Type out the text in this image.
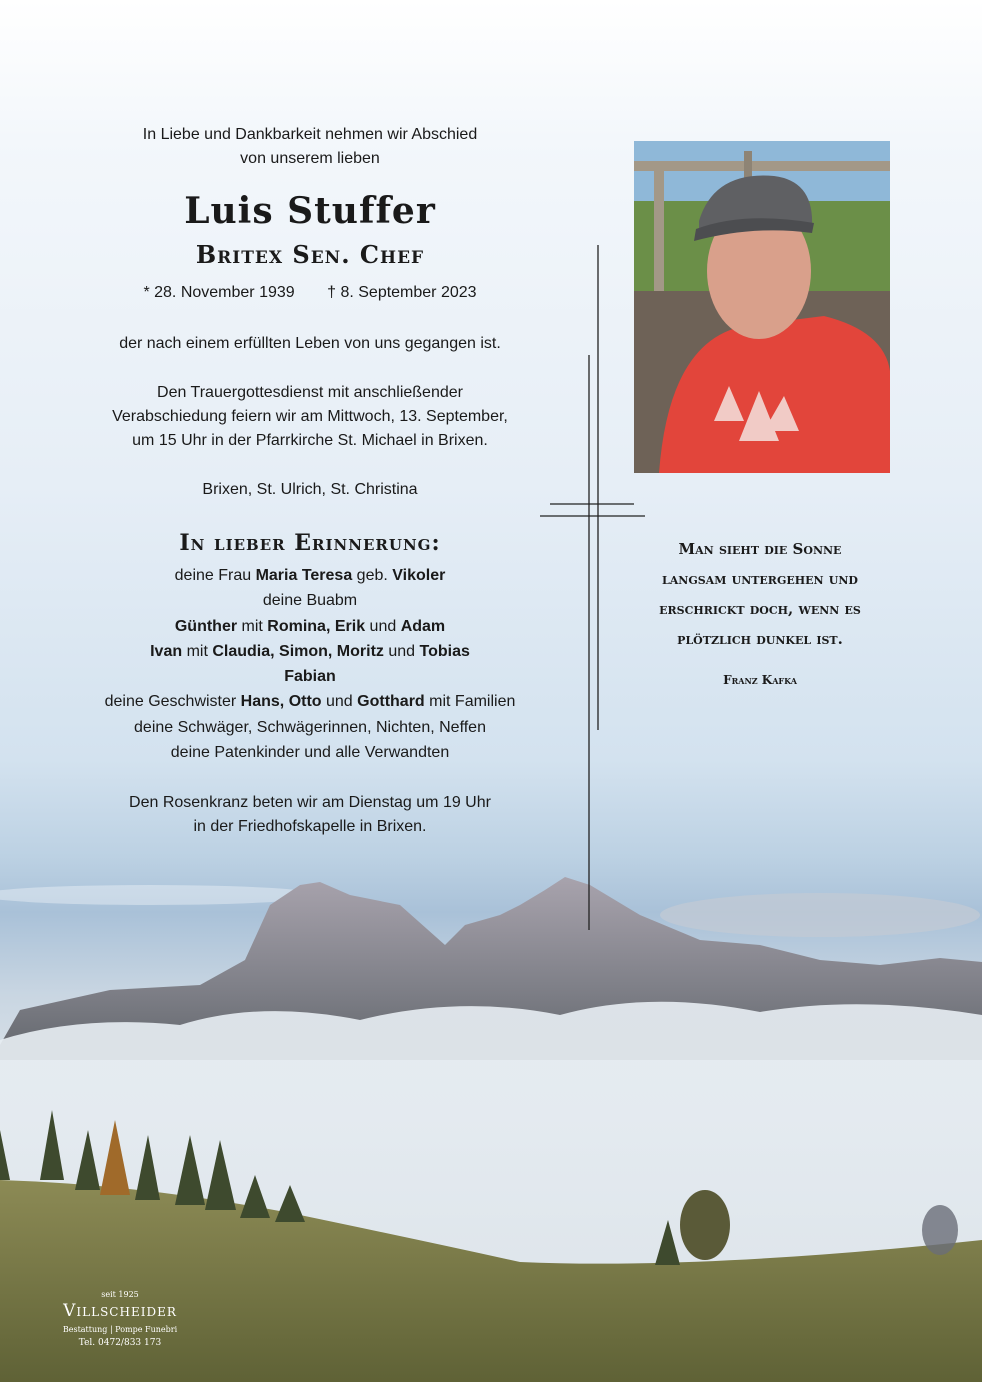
In Liebe und Dankbarkeit nehmen wir Abschied
von unserem lieben
Luis Stuffer
Britex Sen. Chef
* 28. November 1939 † 8. September 2023
der nach einem erfüllten Leben von uns gegangen ist.
Den Trauergottesdienst mit anschließender
Verabschiedung feiern wir am Mittwoch, 13. September,
um 15 Uhr in der Pfarrkirche St. Michael in Brixen.
Brixen, St. Ulrich, St. Christina
In lieber Erinnerung:
deine Frau Maria Teresa geb. Vikoler
deine Buabm
Günther mit Romina, Erik und Adam
Ivan mit Claudia, Simon, Moritz und Tobias
Fabian
deine Geschwister Hans, Otto und Gotthard mit Familien
deine Schwäger, Schwägerinnen, Nichten, Neffen
deine Patenkinder und alle Verwandten
Den Rosenkranz beten wir am Dienstag um 19 Uhr
in der Friedhofskapelle in Brixen.
Man sieht die Sonne
langsam untergehen und
erschrickt doch, wenn es
plötzlich dunkel ist.
Franz Kafka
seit 1925
Villscheider
Bestattung | Pompe Funebri
Tel. 0472/833 173
